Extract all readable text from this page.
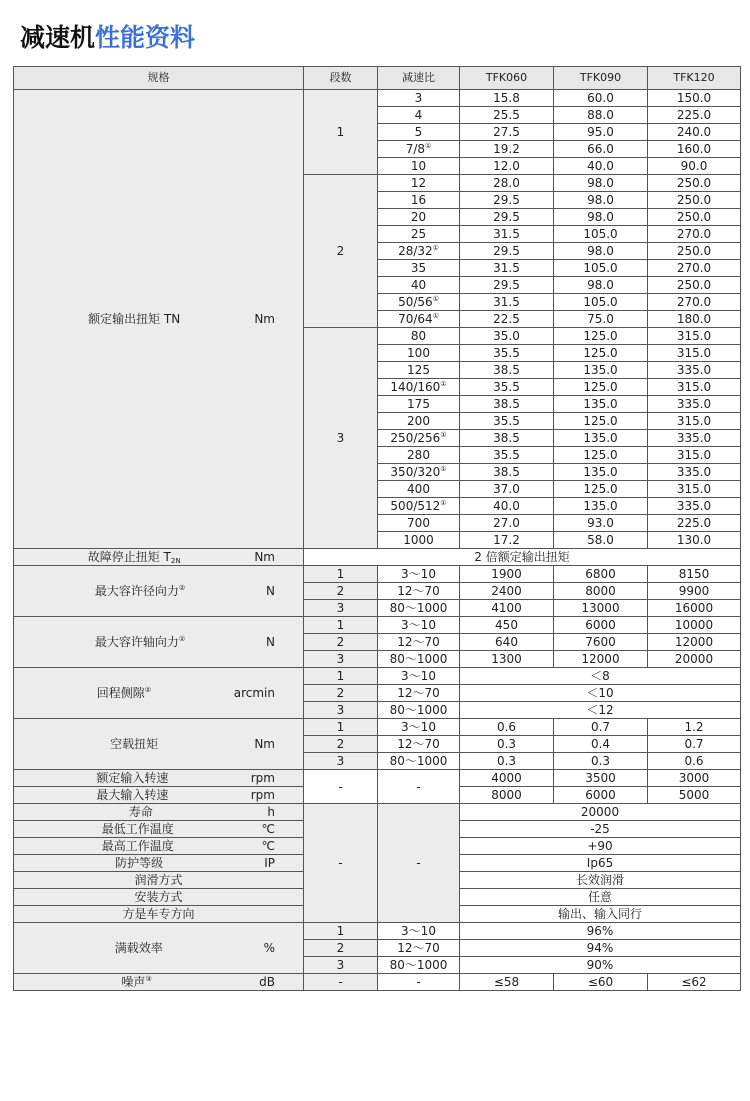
减速机性能资料
规格	段数	减速比	TFK060	TFK090	TFK120
额定输出扭矩 TN Nm	1	3	15.8	60.0	150.0
		4	25.5	88.0	225.0
		5	27.5	95.0	240.0
		7/8①	19.2	66.0	160.0
		10	12.0	40.0	90.0
	2	12	28.0	98.0	250.0
		16	29.5	98.0	250.0
		20	29.5	98.0	250.0
		25	31.5	105.0	270.0
		28/32①	29.5	98.0	250.0
		35	31.5	105.0	270.0
		40	29.5	98.0	250.0
		50/56①	31.5	105.0	270.0
		70/64①	22.5	75.0	180.0
	3	80	35.0	125.0	315.0
		100	35.5	125.0	315.0
		125	38.5	135.0	335.0
		140/160①	35.5	125.0	315.0
		175	38.5	135.0	335.0
		200	35.5	125.0	315.0
		250/256①	38.5	135.0	335.0
		280	35.5	125.0	315.0
		350/320①	38.5	135.0	335.0
		400	37.0	125.0	315.0
		500/512①	40.0	135.0	335.0
		700	27.0	93.0	225.0
		1000	17.2	58.0	130.0
故障停止扭矩 $T_{2N}$ Nm	2 倍额定输出扭矩				
最大容许径向力② N	1	3～10	1900	6800	8150
	2	12～70	2400	8000	9900
	3	80～1000	4100	13000	16000
最大容许轴向力② N	1	3～10	450	6000	10000
	2	12～70	640	7600	12000
	3	80～1000	1300	12000	20000
回程侧隙② arcmin	1	3～10	＜8		
	2	12～70	＜10		
	3	80～1000	＜12		
空载扭矩 Nm	1	3～10	0.6	0.7	1.2
	2	12～70	0.3	0.4	0.7
	3	80～1000	0.3	0.3	0.6
额定输入转速 rpm	-	-	4000	3500	3000
最大输入转速 rpm			8000	6000	5000
寿命 h	-	-	20000		
最低工作温度 ℃			-25		
最高工作温度 ℃			+90		
防护等级 IP			Ip65		
润滑方式			长效润滑		
安装方式			任意		
方是车专方向			输出、输入同行		
满载效率 %	1	3～10	96%		
	2	12～70	94%		
	3	80～1000	90%		
噪声③ dB	-	-	≤58	≤60	≤62
